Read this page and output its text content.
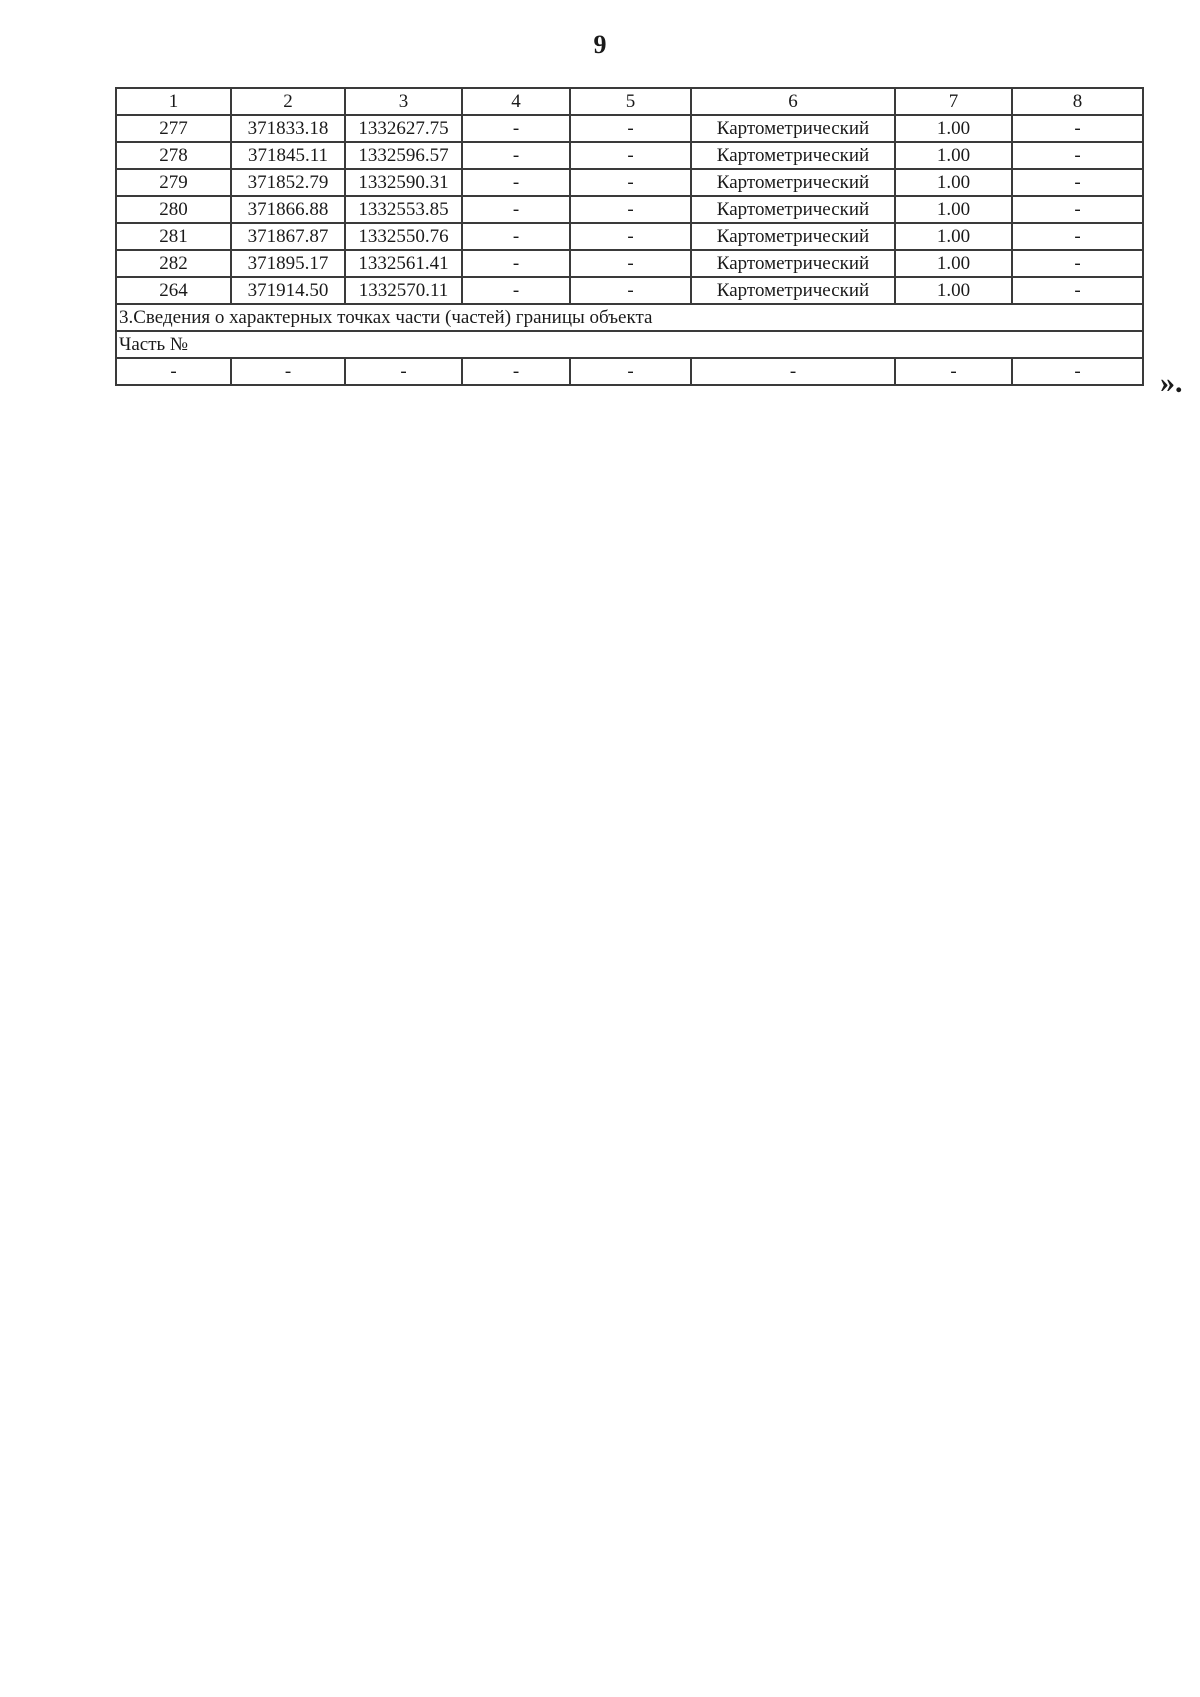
9
1	2	3	4	5	6	7	8
277	371833.18	1332627.75	-	-	Картометрический	1.00	-
278	371845.11	1332596.57	-	-	Картометрический	1.00	-
279	371852.79	1332590.31	-	-	Картометрический	1.00	-
280	371866.88	1332553.85	-	-	Картометрический	1.00	-
281	371867.87	1332550.76	-	-	Картометрический	1.00	-
282	371895.17	1332561.41	-	-	Картометрический	1.00	-
264	371914.50	1332570.11	-	-	Картометрический	1.00	-
3.Сведения о характерных точках части (частей) границы объекта							
Часть №							
-	-	-	-	-	-	-	-	».
